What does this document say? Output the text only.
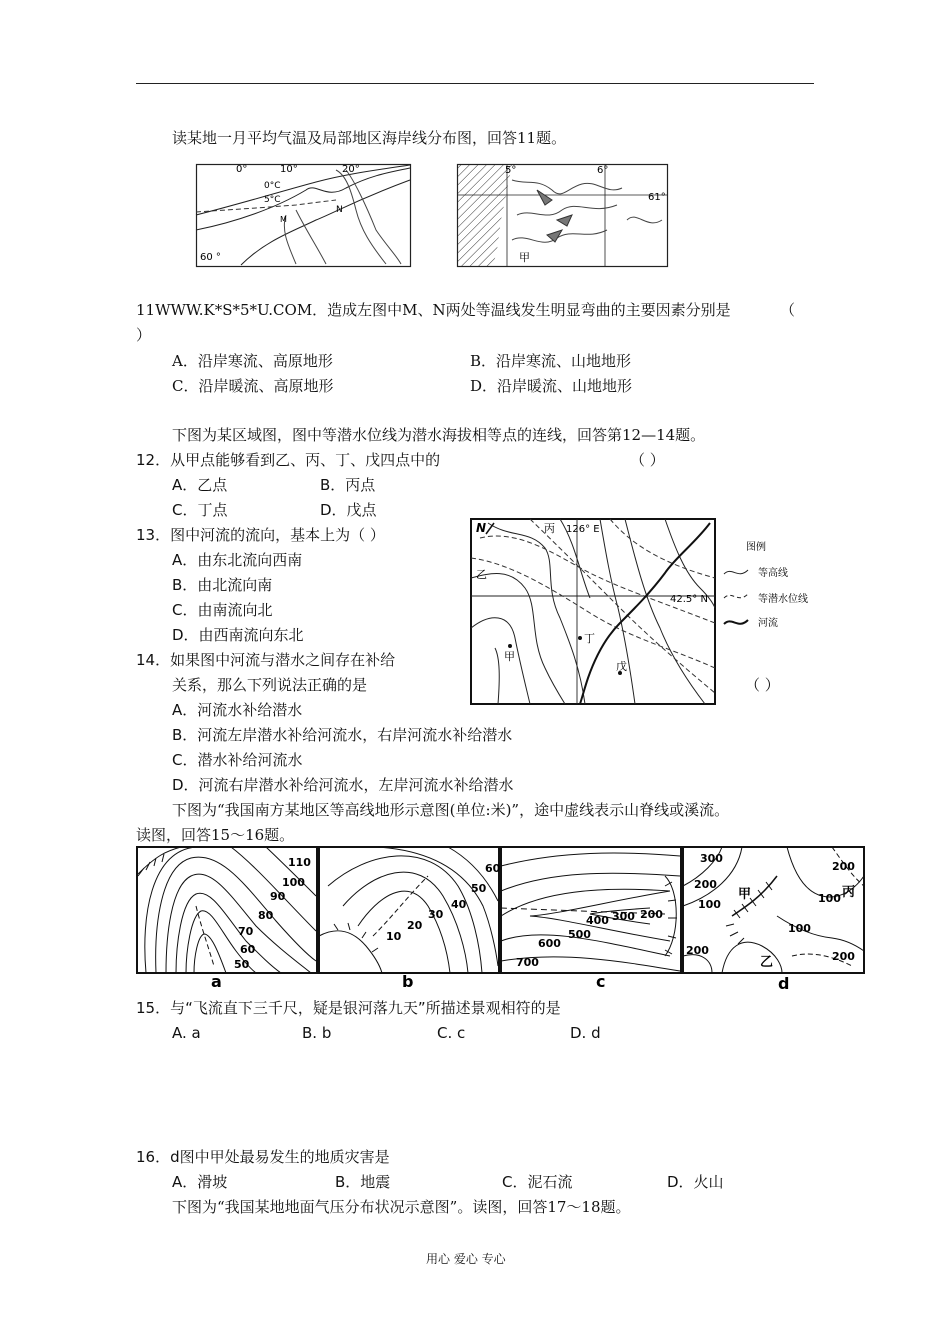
读某地一月平均气温及局部地区海岸线分布图，回答11题。
0°	10°	20°
0°C
5°C
M
N
60 °
5°	6°
61°
甲
11WWW.K*S*5*U.COM．造成左图中M、N两处等温线发生明显弯曲的主要因素分别是	（
）
A．沿岸寒流、高原地形	B．沿岸寒流、山地地形
C．沿岸暖流、高原地形	D．沿岸暖流、山地地形
下图为某区域图，图中等潜水位线为潜水海拔相等点的连线，回答第12—14题。
12．从甲点能够看到乙、丙、丁、戊四点中的	（ ）
A．乙点	B．丙点
C．丁点	D．戊点
13．图中河流的流向，基本上为（ ）
A．由东北流向西南
B．由北流向南
C．由南流向北
D．由西南流向东北
14．如果图中河流与潜水之间存在补给
关系，那么下列说法正确的是	（ ）
A．河流水补给潜水
B．河流左岸潜水补给河流水，右岸河流水补给潜水
C．潜水补给河流水
D．河流右岸潜水补给河流水，左岸河流水补给潜水
N	丙 126° E
乙
42.5° N
丁
甲
戊
图例
等高线
等潜水位线
河流
下图为“我国南方某地区等高线地形示意图(单位:米)”，途中虚线表示山脊线或溪流。
读图，回答15～16题。
110
100
90
80
70
60
50
a
60
50
40
30
20
10
b
200
300
400
500
600
700
c
300
200
200
100	100
200
100
200
甲	丙
乙
d
15．与“飞流直下三千尺，疑是银河落九天”所描述景观相符的是
A. a	B. b	C. c	D. d
16．d图中甲处最易发生的地质灾害是
A．滑坡	B．地震	C．泥石流	D．火山
下图为“我国某地地面气压分布状况示意图”。读图，回答17～18题。
用心 爱心 专心
